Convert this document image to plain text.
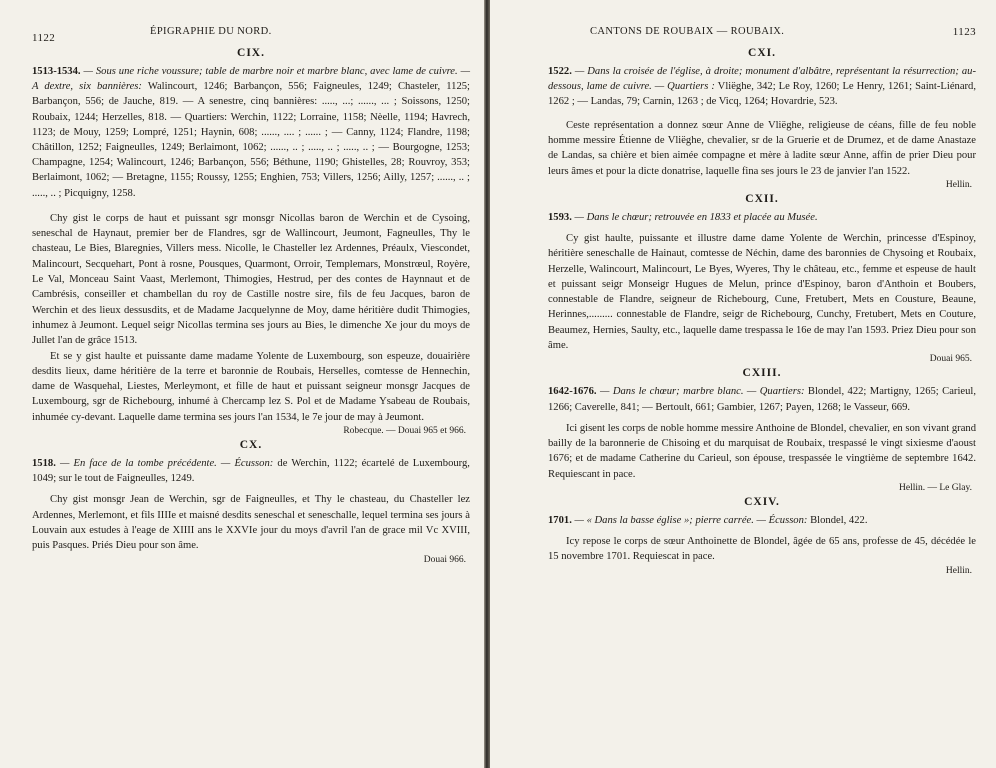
1122
ÉPIGRAPHIE DU NORD.
CIX.

1513-1534. — Sous une riche voussure; table de marbre noir et marbre blanc, avec lame de cuivre. — A dextre, six bannières: Walincourt, 1246; Barbançon, 556; Faigneules, 1249; Chasteler, 1125; Barbançon, 556; de Jauche, 819. — A senestre, cinq bannières: ....., ...; ......, ... ; Soissons, 1250; Roubaix, 1244; Herzelles, 818. — Quartiers: Werchin, 1122; Lorraine, 1158; Nèelle, 1194; Havrech, 1123; de Mouy, 1259; Lompré, 1251; Haynin, 608; ......, .... ; ...... ; — Canny, 1124; Flandre, 1198; Châtillon, 1252; Faigneulles, 1249; Berlaimont, 1062; ......, .. ; ....., .. ; ....., .. ; — Bourgogne, 1253; Champagne, 1254; Walincourt, 1246; Barbançon, 556; Béthune, 1190; Ghistelles, 28; Rouvroy, 353; Berlaimont, 1062; — Bretagne, 1155; Roussy, 1255; Enghien, 753; Villers, 1256; Ailly, 1257; ......, .. ; ....., .. ; Picquigny, 1258.

Chy gist le corps de haut et puissant sgr monsgr Nicollas baron de Werchin et de Cysoing, seneschal de Haynaut, premier ber de Flandres, sgr de Wallincourt, Jeumont, Fagneulles, Thy le chasteau, Le Bies, Blaregnies, Villers mess. Nicolle, le Chasteller lez Ardennes, Préaulx, Viescondet, Malincourt, Secquehart, Pont à rosne, Pousques, Quarmont, Orroir, Templemars, Monstrœul, Royère, Le Val, Monceau Saint Vaast, Merlemont, Thimogies, Hestrud, per des contes de Haynnaut et de Cambrésis, conseiller et chambellan du roy de Castille nostre sire, fils de feu Jacques, baron de Werchin et des lieux dessusdits, et de Madame Jacquelynne de Moy, dame héritière dudit Thimogies, inhumez à Jeumont. Lequel seigr Nicollas termina ses jours au Bies, le dimenche Xe jour du moys de Jullet l'an de grâce 1513.

Et se y gist haulte et puissante dame madame Yolente de Luxembourg, son espeuze, douairière desdits lieux, dame héritière de la terre et baronnie de Roubais, Herselles, comtesse de Hennechin, dame de Wasquehal, Liestes, Merleymont, et fille de haut et puissant seigneur monsgr Jacques de Luxembourg, sgr de Richebourg, inhumé à Chercamp lez S. Pol et de Madame Ysabeau de Roubais, inhumée cy-devant. Laquelle dame termina ses jours l'an 1534, le 7e jour de may à Jeumont.

Robecque. — Douai 965 et 966.
CX.

1518. — En face de la tombe précédente. — Écusson: de Werchin, 1122; écartelé de Luxembourg, 1049; sur le tout de Faigneulles, 1249.

Chy gist monsgr Jean de Werchin, sgr de Faigneulles, et Thy le chasteau, du Chasteller lez Ardennes, Merlemont, et fils IIIIe et maisné desdits seneschal et seneschalle, lequel termina ses jours à Louvain aux estudes à l'eage de XIIII ans le XXVIe jour du moys d'avril l'an de grace mil Vc XVIII, puis Pasques. Priés Dieu pour son âme.

Douai 966.
CANTONS DE ROUBAIX — ROUBAIX.	1123
CXI.

1522. — Dans la croisée de l'église, à droite; monument d'albâtre, représentant la résurrection; au-dessous, lame de cuivre. — Quartiers : Vliëghe, 342; Le Roy, 1260; Le Henry, 1261; Saint-Liénard, 1262 ; — Landas, 79; Carnin, 1263 ; de Vicq, 1264; Hovardrie, 523.

Ceste représentation a donnez sœur Anne de Vliëghe, religieuse de céans, fille de feu noble homme messire Étienne de Vliëghe, chevalier, sr de la Gruerie et de Drumez, et de dame Anastaze de Landas, sa chière et bien aimée compagne et mère à ladite sœur Anne, affin de prier Dieu pour leurs âmes et pour la dicte donatrise, laquelle fina ses jours le 23 de janvier l'an 1522.

Hellin.
CXII.

1593. — Dans le chœur; retrouvée en 1833 et placée au Musée.

Cy gist haulte, puissante et illustre dame dame Yolente de Werchin, princesse d'Espinoy, héritière seneschalle de Hainaut, comtesse de Néchin, dame des baronnies de Chysoing et Roubaix, Herzelle, Walincourt, Malincourt, Le Byes, Wyeres, Thy le château, etc., femme et espeuse de hault et puissant seigr Monseigr Hugues de Melun, prince d'Espinoy, baron d'Anthoin et Boubers, connestable de Flandre, seigneur de Richebourg, Cune, Fretubert, Mets en Cousture, Beaune, Herinnes,......... connestable de Flandre, seigr de Richebourg, Cunchy, Fretubert, Mets en Couture, Beaumez, Hernies, Saulty, etc., laquelle dame trespassa le 16e de may l'an 1593. Priez Dieu pour son âme.

Douai 965.
CXIII.

1642-1676. — Dans le chœur; marbre blanc. — Quartiers: Blondel, 422; Martigny, 1265; Carieul, 1266; Caverelle, 841; — Bertoult, 661; Gambier, 1267; Payen, 1268; le Vasseur, 669.

Ici gisent les corps de noble homme messire Anthoine de Blondel, chevalier, en son vivant grand bailly de la baronnerie de Chisoing et du marquisat de Roubaix, trespassé le vingt sixiesme d'aoust 1676; et de madame Catherine du Carieul, son épouse, trespassée le vingtième de septembre 1642. Requiescant in pace.

Hellin. — Le Glay.
CXIV.

1701. — « Dans la basse église »; pierre carrée. — Écusson: Blondel, 422.

Icy repose le corps de sœur Anthoinette de Blondel, âgée de 65 ans, professe de 45, décédée le 15 novembre 1701. Requiescat in pace.

Hellin.
